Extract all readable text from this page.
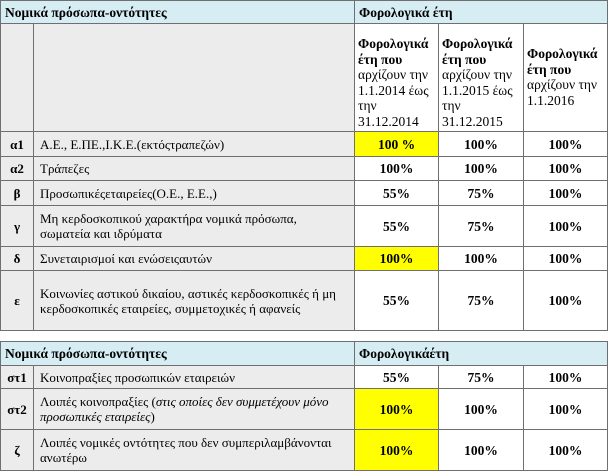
Νομικά πρόσωπα-οντότητες		Φορολογικά έτη		
		Φορολογικά έτη που αρχίζουν την 1.1.2014 έως την 31.12.2014	Φορολογικά έτη που αρχίζουν την 1.1.2015 έως την 31.12.2015	Φορολογικά έτη που αρχίζουν την 1.1.2016
α1	Α.Ε., Ε.ΠΕ.,Ι.Κ.Ε.(εκτόςτραπεζών)	100 %	100%	100%
α2	Τράπεζες	100%	100%	100%
β	Προσωπικέςεταιρείες(Ο.Ε., Ε.Ε.,)	55%	75%	100%
γ	Μη κερδοσκοπικού χαρακτήρα νομικά πρόσωπα, σωματεία και ιδρύματα	55%	75%	100%
δ	Συνεταιρισμοί και ενώσειςαυτών	100%	100%	100%
ε	Κοινωνίες αστικού δικαίου, αστικές κερδοσκοπικές ή μη κερδοσκοπικές εταιρείες, συμμετοχικές ή αφανείς	55%	75%	100%
Νομικά πρόσωπα-οντότητες		Φορολογικάέτη		
στ1	Κοινοπραξίες προσωπικών εταιρειών	55%	75%	100%
στ2	Λοιπές κοινοπραξίες (στις οποίες δεν συμμετέχουν μόνο προσωπικές εταιρείες)	100%	100%	100%
ζ	Λοιπές νομικές οντότητες που δεν συμπεριλαμβάνονται ανωτέρω	100%	100%	100%
